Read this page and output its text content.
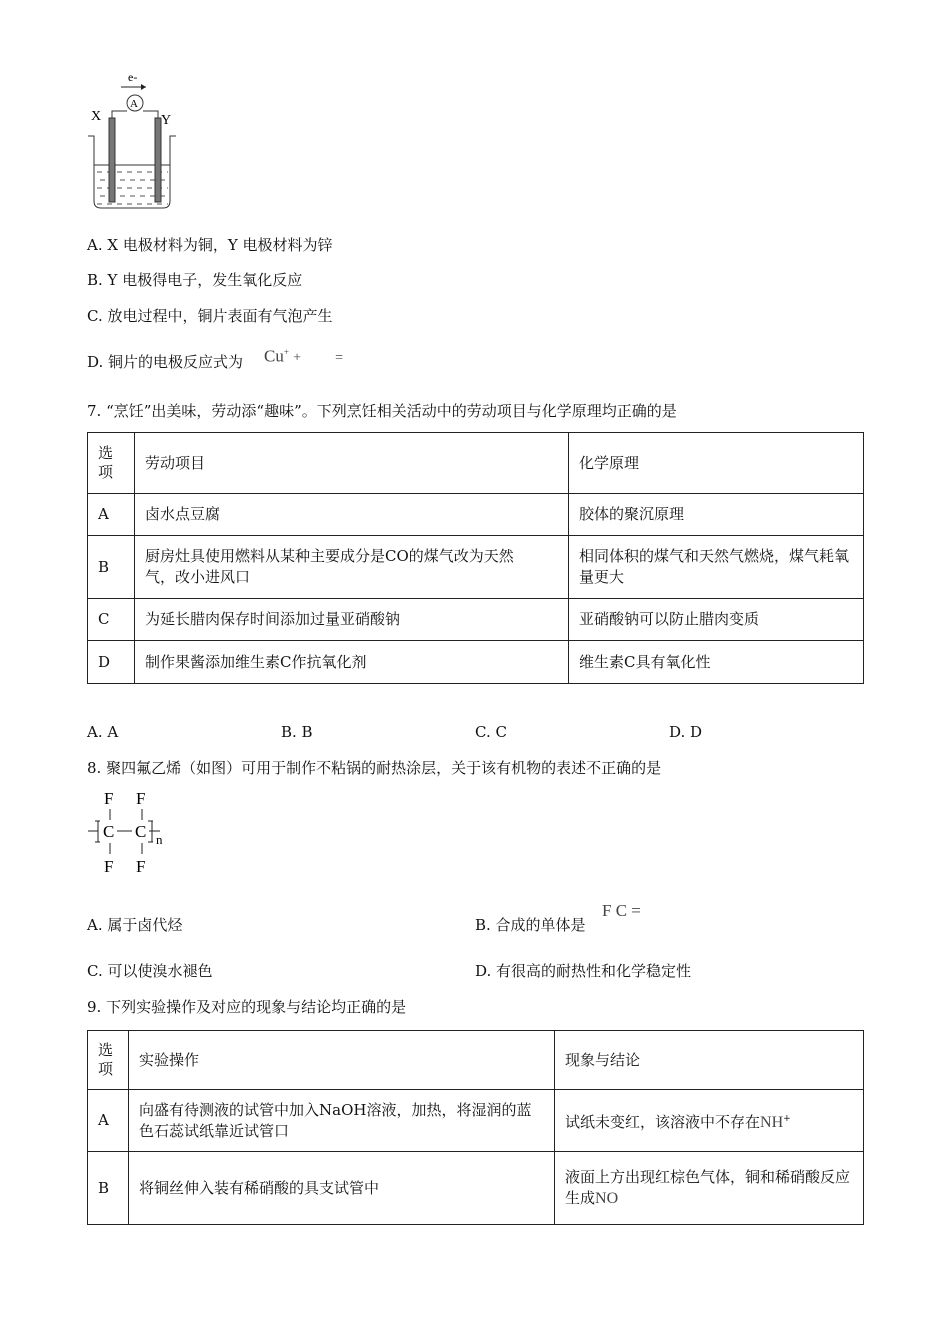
e-
A
X	Y
A. X 电极材料为铜，Y 电极材料为锌
B. Y 电极得电子，发生氧化反应
C. 放电过程中，铜片表面有气泡产生
D. 铜片的电极反应式为 Cu+ + =
7. “烹饪”出美味，劳动添“趣味”。下列烹饪相关活动中的劳动项目与化学原理均正确的是
选项	劳动项目	化学原理
A	卤水点豆腐	胶体的聚沉原理
B	厨房灶具使用燃料从某种主要成分是CO的煤气改为天然气，改小进风口	相同体积的煤气和天然气燃烧，煤气耗氧量更大
C	为延长腊肉保存时间添加过量亚硝酸钠	亚硝酸钠可以防止腊肉变质
D	制作果酱添加维生素C作抗氧化剂	维生素C具有氧化性
A. A	B. B	C. C	D. D
8. 聚四氟乙烯（如图）可用于制作不粘锅的耐热涂层，关于该有机物的表述不正确的是
F F
C C n
F F
A. 属于卤代烃	B. 合成的单体是
F C =
C. 可以使溴水褪色	D. 有很高的耐热性和化学稳定性
9. 下列实验操作及对应的现象与结论均正确的是
选项	实验操作	现象与结论
A	向盛有待测液的试管中加入NaOH溶液，加热，将湿润的蓝色石蕊试纸靠近试管口	试纸未变红，该溶液中不存在NH+
B	将铜丝伸入装有稀硝酸的具支试管中	液面上方出现红棕色气体，铜和稀硝酸反应生成NO
